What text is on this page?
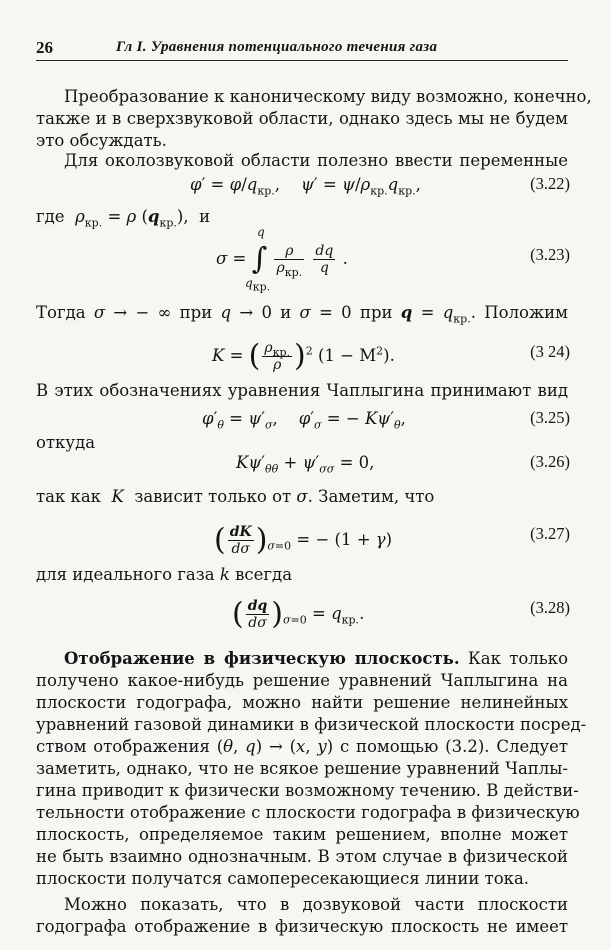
26	Гл I. Уравнения потенциального течения газа
Преобразование к каноническому виду возможно, конечно,
также и в сверхзвуковой области, однако здесь мы не будем
это обсуждать.
Для околозвуковой области полезно ввести переменные
$\varphi' = \varphi/q_{кр.}$,    $\psi' = \psi/\rho_{кр.}q_{кр.}$,	(3.22)
где $\rho_{кр.} = \rho$ $(q_{кр.})$,  и
σ = ∫ $\frac{\rho}{\rho_{кр.}}$
$\frac{dq}{q}$ .
q
$q_{кр.}$
(3.23)
Тогда σ → − ∞ при q → 0 и σ = 0 при $q = q_{кр.}$. Положим
K = ( $\frac{\rho_{кр.}}{\rho} )^2$ $(1 - M^2)$.	(3 24)
В этих обозначениях уравнения Чаплыгина принимают вид
$\varphi'_\theta = \psi'_\sigma$,    $\varphi'_\sigma$ = − $K\psi'_\theta$,	(3.25)
откуда
$K\psi'_{\theta\theta} + \psi'_{\sigma\sigma} = 0$,	(3.26)
так как K зависит только от σ. Заметим, что
( $\frac{dK}{d\sigma} )_{\sigma=0}$ = − (1 + γ)	(3.27)
для идеального газа k всегда
( $\frac{dq}{d\sigma} )_{\sigma=0} = q_{кр.}$.	(3.28)
Отображение в физическую плоскость. Как только
получено какое-нибудь решение уравнений Чаплыгина на
плоскости годографа, можно найти решение нелинейных
уравнений газовой динамики в физической плоскости посред-
ством отображения (θ, q) → (x, y) с помощью (3.2). Следует
заметить, однако, что не всякое решение уравнений Чаплы-
гина приводит к физически возможному течению. В действи-
тельности отображение с плоскости годографа в физическую
плоскость, определяемое таким решением, вполне может
не быть взаимно однозначным. В этом случае в физической
плоскости получатся самопересекающиеся линии тока.
Можно показать, что в дозвуковой части плоскости
годографа отображение в физическую плоскость не имеет
